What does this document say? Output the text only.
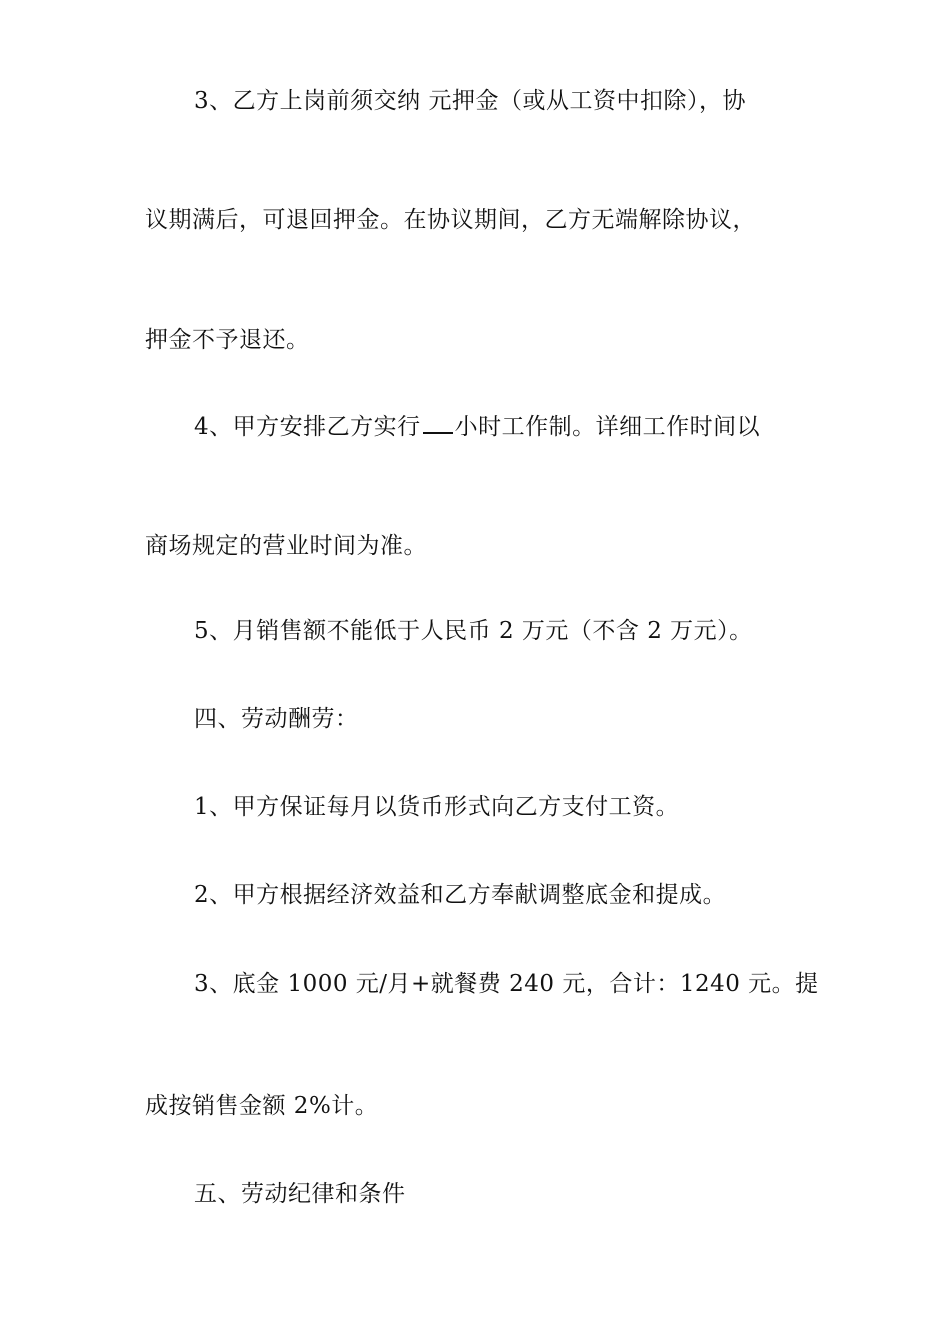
3、乙方上岗前须交纳 元押金（或从工资中扣除），协
议期满后，可退回押金。在协议期间，乙方无端解除协议，
押金不予退还。
4、甲方安排乙方实行 小时工作制。详细工作时间以
商场规定的营业时间为准。
5、月销售额不能低于人民币 2 万元（不含 2 万元）。
四、劳动酬劳：
1、甲方保证每月以货币形式向乙方支付工资。
2、甲方根据经济效益和乙方奉献调整底金和提成。
3、底金 1000 元/月+就餐费 240 元，合计：1240 元。提
成按销售金额 2%计。
五、劳动纪律和条件
